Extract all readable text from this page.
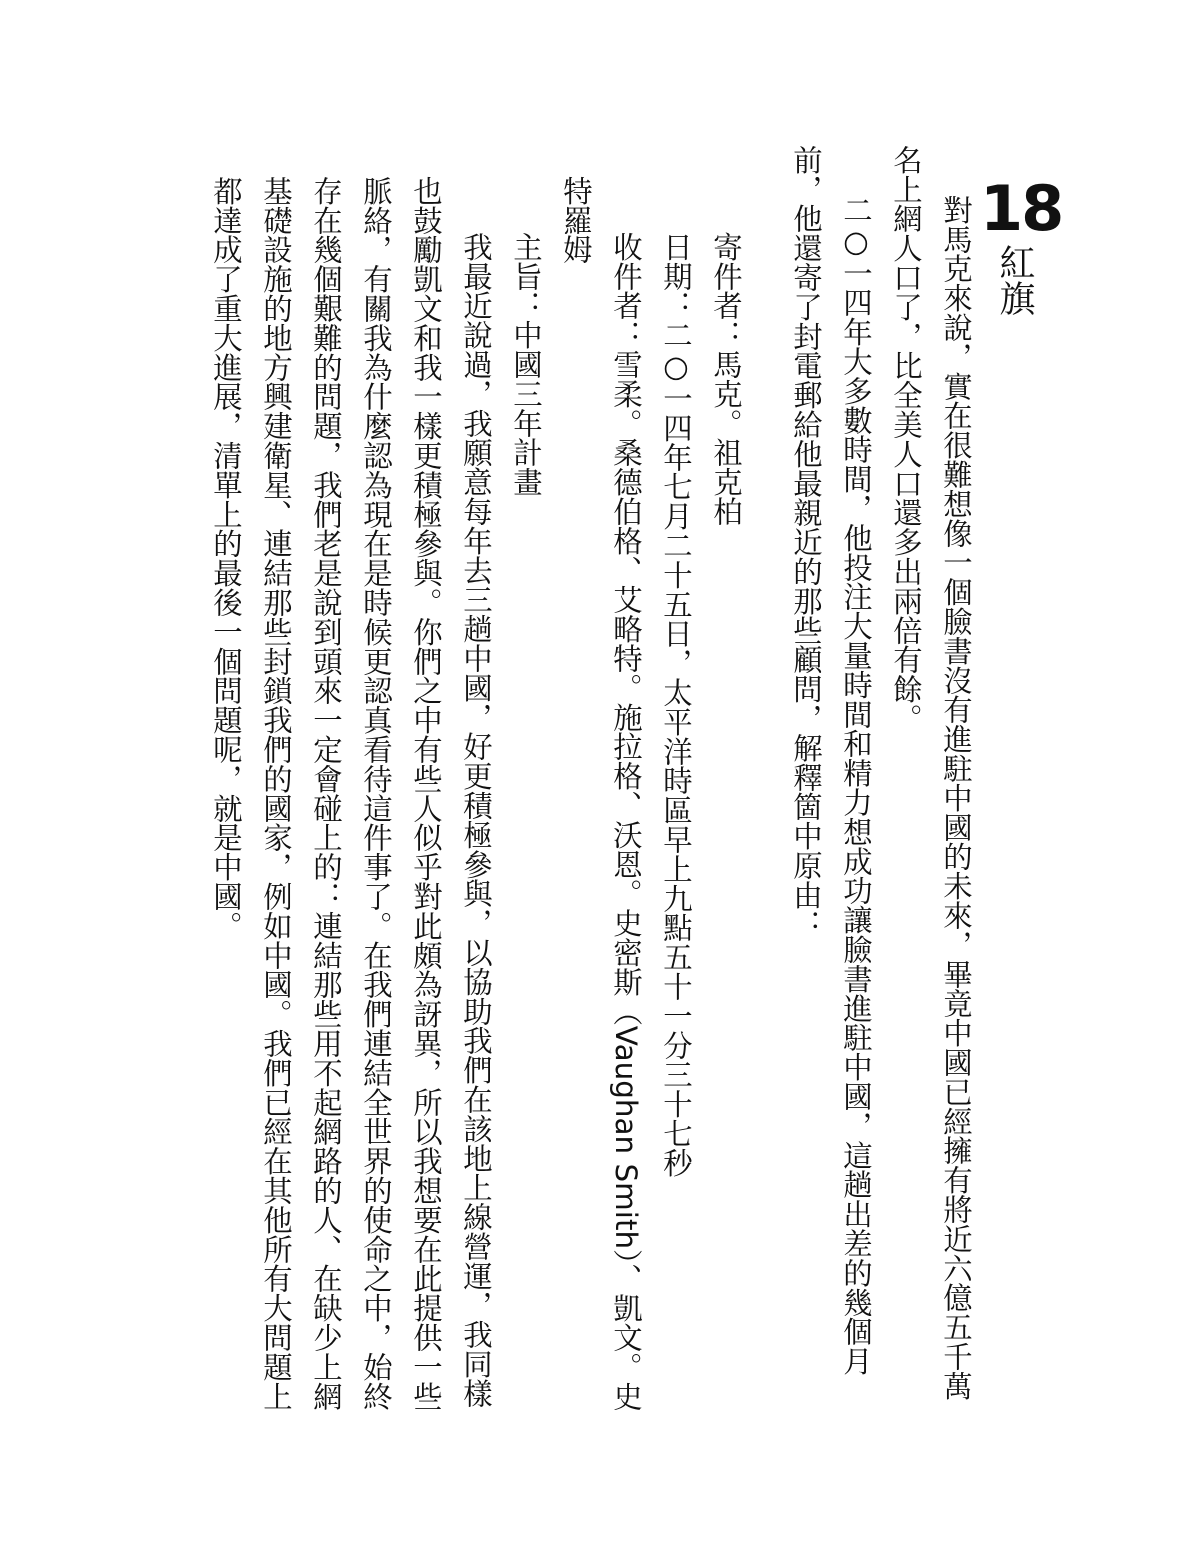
18
紅旗
對馬克來說，實在很難想像一個臉書沒有進駐中國的未來，畢竟中國已經擁有將近六億五千萬
名上網人口了，比全美人口還多出兩倍有餘。
二○一四年大多數時間，他投注大量時間和精力想成功讓臉書進駐中國，這趟出差的幾個月
前，他還寄了封電郵給他最親近的那些顧問，解釋箇中原由：
寄件者：馬克。祖克柏
日期：二○一四年七月二十五日，太平洋時區早上九點五十一分三十七秒
收件者：雪柔。桑德伯格、艾略特。施拉格、沃恩。史密斯（Vaughan Smith）、凱文。史
特羅姆
主旨：中國三年計畫
我最近說過，我願意每年去三趟中國，好更積極參與，以協助我們在該地上線營運，我同樣
也鼓勵凱文和我一樣更積極參與。你們之中有些人似乎對此頗為訝異，所以我想要在此提供一些
脈絡，有關我為什麼認為現在是時候更認真看待這件事了。在我們連結全世界的使命之中，始終
存在幾個艱難的問題，我們老是說到頭來一定會碰上的：連結那些用不起網路的人、在缺少上網
基礎設施的地方興建衛星、連結那些封鎖我們的國家，例如中國。我們已經在其他所有大問題上
都達成了重大進展，清單上的最後一個問題呢，就是中國。
